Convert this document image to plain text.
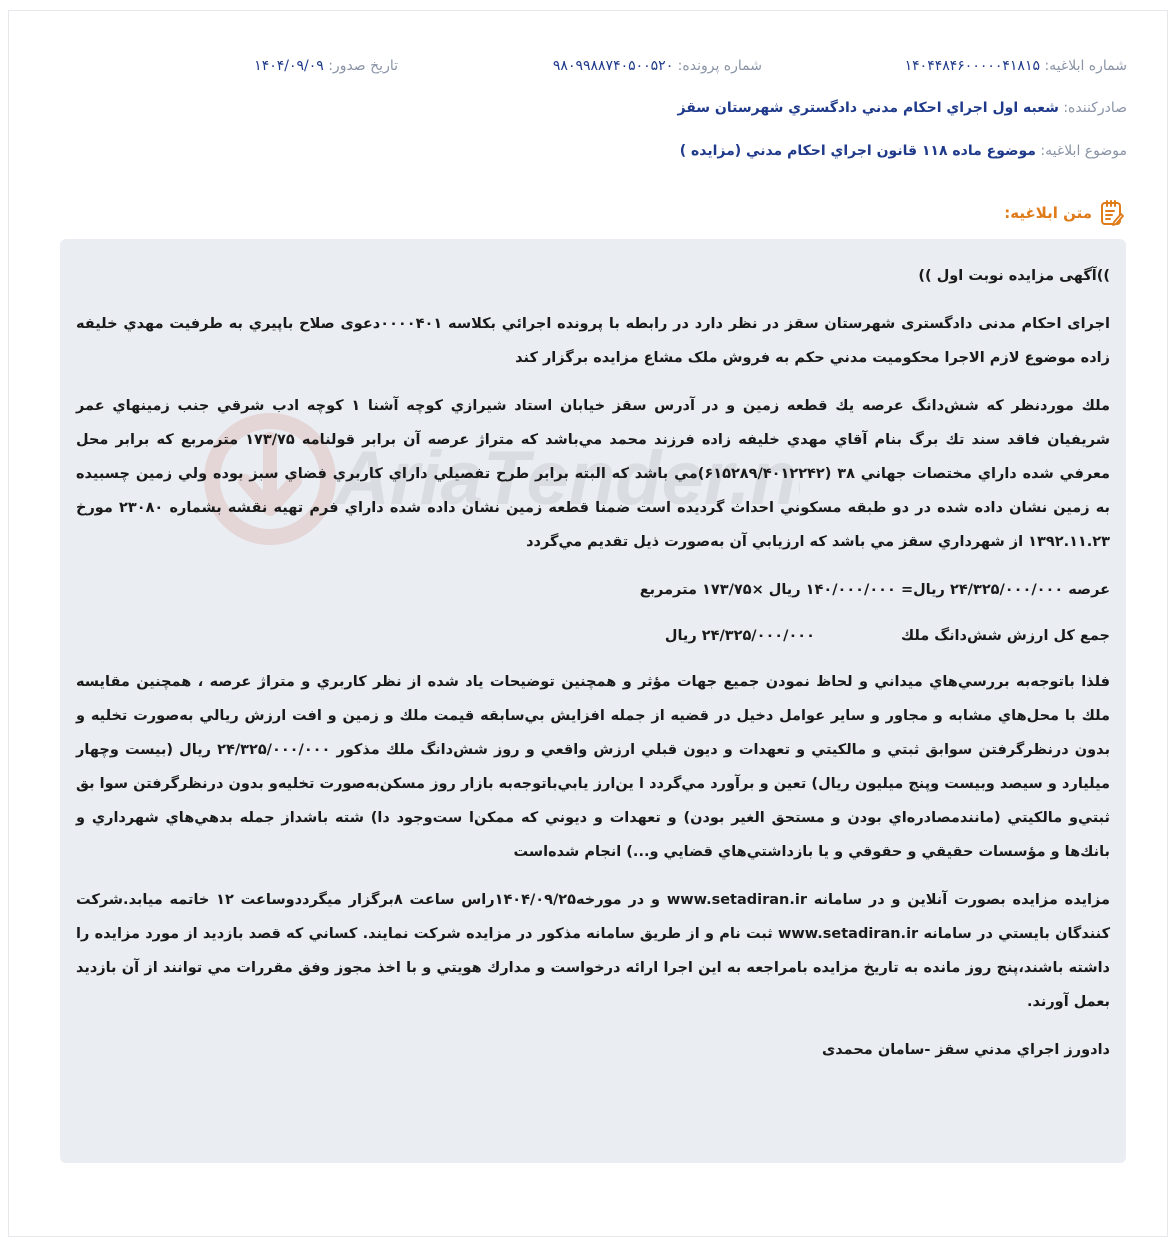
شماره ابلاغیه: ۱۴۰۴۴۸۴۶۰۰۰۰۰۴۱۸۱۵
شماره پرونده: ۹۸۰۹۹۸۸۷۴۰۵۰۰۵۲۰
تاریخ صدور: ۱۴۰۴/۰۹/۰۹
صادرکننده: شعبه اول اجراي احكام مدني دادگستري شهرستان سقز
موضوع ابلاغیه: موضوع ماده ۱۱۸ قانون اجراي احكام مدني (مزايده )
متن ابلاغیه:
AriaTender.n

))آگهی مزایده نوبت اول ))

اجرای احکام مدنی دادگستری شهرستان سقز در نظر دارد در رابطه با پرونده اجرائي بکلاسه ۰۰۰۰۴۰۱دعوی صلاح باپيري به طرفيت مهدي خليفه زاده موضوع لازم الاجرا محکوميت مدني حكم به فروش ملک مشاع مزایده برگزار کند

ملك موردنظر كه شش‌دانگ عرصه يك قطعه زمين و در آدرس سقز خيابان استاد شيرازي كوچه آشنا ۱ كوچه ادب شرقي جنب زمينهاي عمر شريفيان فاقد سند تك برگ بنام آقاي مهدي خليفه زاده فرزند محمد مي‌باشد كه متراژ عرصه آن برابر قولنامه ۱۷۳/۷۵ مترمربع كه برابر محل معرفي شده داراي مختصات جهاني ۳۸ (۶۱۵۲۸۹/۴۰۱۲۲۴۲)مي باشد كه البته برابر طرح تفصيلي داراي كاربري فضاي سبز بوده ولي زمين چسبيده به زمين نشان داده شده در دو طبقه مسكوني احداث گرديده است ضمنا قطعه زمين نشان داده شده داراي فرم تهيه نقشه بشماره ۲۳۰۸۰ مورخ ۱۳۹۲.۱۱.۲۳ از شهرداري سقز مي باشد كه ارزيابي آن به‌صورت ذيل تقديم مي‌گردد

عرصه ۲۴/۳۲۵/۰۰۰/۰۰۰ ريال= ۱۴۰/۰۰۰/۰۰۰ ريال ×۱۷۳/۷۵ مترمربع

جمع كل ارزش شش‌دانگ ملك                 ۲۴/۳۲۵/۰۰۰/۰۰۰ ريال

فلذا باتوجه‌به بررسي‌هاي ميداني و لحاظ نمودن جميع جهات مؤثر و همچنين توضيحات ياد شده از نظر كاربري و متراژ عرصه ، همچنين مقايسه ملك با محل‌هاي مشابه و مجاور و ساير عوامل دخيل در قضيه از جمله افزايش بي‌سابقه قيمت ملك و زمين و افت ارزش ريالي به‌صورت تخليه و بدون درنظرگرفتن سوابق ثبتي و مالكيتي و تعهدات و ديون قبلي ارزش واقعي و روز شش‌دانگ ملك مذكور ۲۴/۳۲۵/۰۰۰/۰۰۰ ريال (بيست وچهار ميليارد و سيصد وبيست وپنج ميليون ريال) تعين و برآورد مي‌گردد ا ين‌ارز يابي‌باتوجه‌به بازار روز مسكن‌به‌صورت تخليه‌و بدون درنظرگرفتن سوا بق ثبتي‌و مالكيتي (مانندمصادره‌اي بودن و مستحق الغير بودن) و تعهدات و ديوني كه ممكن‌ا ست‌وجود دا) شته باشداز جمله بدهي‌هاي شهرداري و بانك‌ها و مؤسسات حقيقي و حقوقي و يا بازداشتي‌هاي قضايي و...) انجام شده‌است

مزايده مزايده بصورت آنلاين و در سامانه www.setadiran.ir و در مورخه۱۴۰۴/۰۹/۲۵راس ساعت ۸برگزار ميگرددوساعت ۱۲ خاتمه ميابد.شركت كنندگان بايستي در سامانه www.setadiran.ir ثبت نام و از طريق سامانه مذكور در مزايده شركت نمايند. كساني كه قصد بازديد از مورد مزايده را داشته باشند،پنج روز مانده به تاريخ مزايده بامراجعه به اين اجرا ارائه درخواست و مدارك هويتي و با اخذ مجوز وفق مقررات مي توانند از آن بازديد بعمل آورند.

دادورز اجراي مدني سقز -سامان محمدی
